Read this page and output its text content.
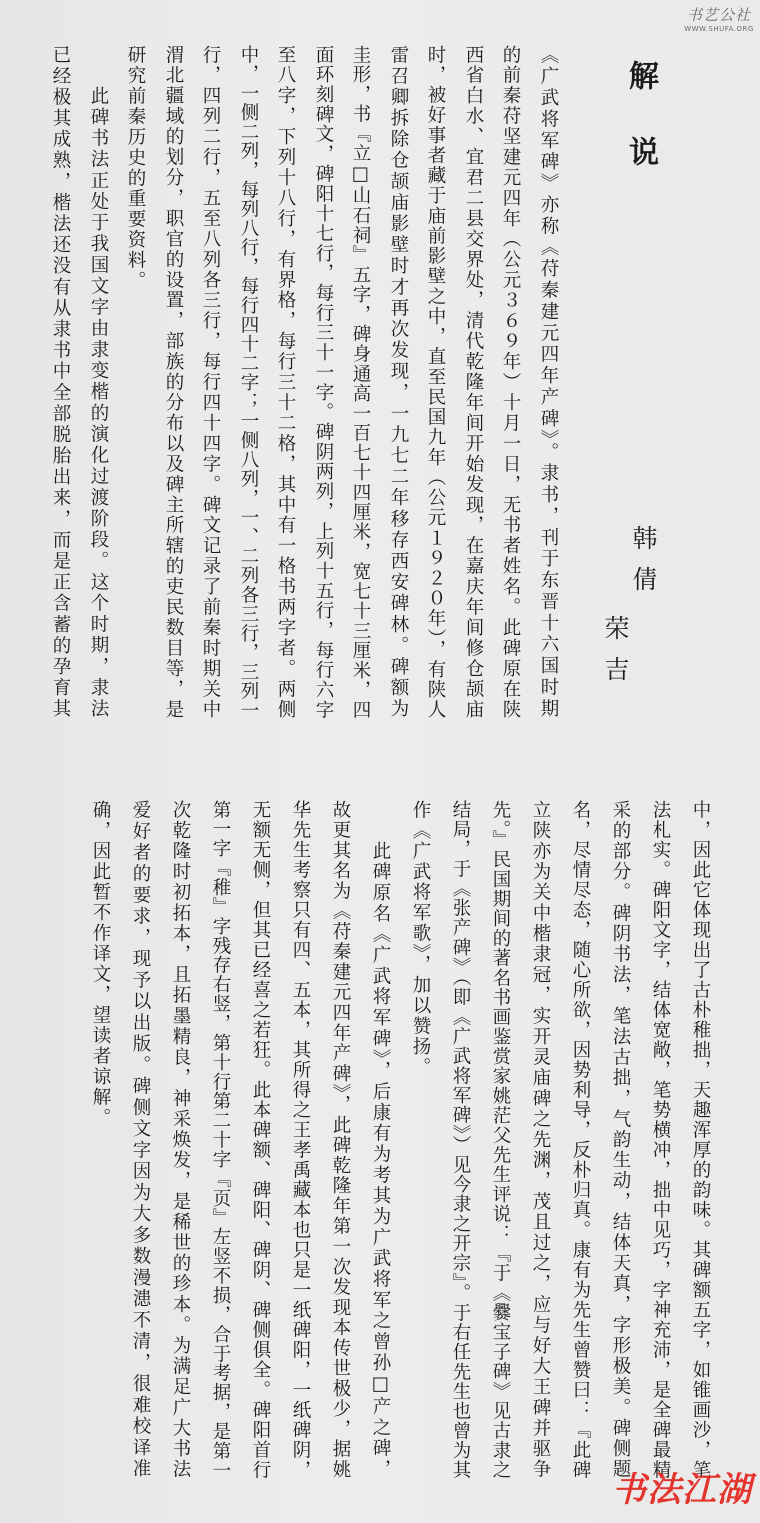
书艺公社
WWW.SHUFA.ORG
解说
韩倩
荣吉
《广武将军碑》亦称《苻秦建元四年产碑》。隶书，刊于东晋十六国时期
的前秦苻坚建元四年（公元３６９年）十月一日，无书者姓名。此碑原在陕
西省白水、宜君二县交界处，清代乾隆年间开始发现，在嘉庆年间修仓颉庙
时，被好事者藏于庙前影壁之中，直至民国九年（公元１９２０年），有陕人
雷召卿拆除仓颉庙影壁时才再次发现，一九七二年移存西安碑林。碑额为
圭形，书『立□山石祠』五字，碑身通高一百七十四厘米，宽七十三厘米，四
面环刻碑文，碑阳十七行，每行三十一字。碑阴两列，上列十五行，每行六字
至八字，下列十八行，有界格，每行三十二格，其中有一格书两字者。两侧
中，一侧二列，每列八行，每行四十二字；一侧八列，一、二列各三行，三列一
行，四列二行，五至八列各三行，每行四十四字。碑文记录了前秦时期关中
渭北疆域的划分，职官的设置，部族的分布以及碑主所辖的吏民数目等，是
研究前秦历史的重要资料。
此碑书法正处于我国文字由隶变楷的演化过渡阶段。这个时期，隶法
已经极其成熟，楷法还没有从隶书中全部脱胎出来，而是正含蓄的孕育其
中，因此它体现出了古朴稚拙，天趣浑厚的韵味。其碑额五字，如锥画沙，笔
法札实。碑阳文字，结体宽敞，笔势横冲，拙中见巧，字神充沛，是全碑最精
采的部分。碑阴书法，笔法古拙，气韵生动，结体天真，字形极美。碑侧题
名，尽情尽态，随心所欲，因势利导，反朴归真。康有为先生曾赞曰：『此碑
立陕亦为关中楷隶冠，实开灵庙碑之先渊，茂且过之，应与好大王碑并驱争
先。』民国期间的著名书画鉴赏家姚茫父先生评说：『于《爨宝子碑》见古隶之
结局，于《张产碑》（即《广武将军碑》）见今隶之开宗』。于右任先生也曾为其
作《广武将军歌》，加以赞扬。
此碑原名《广武将军碑》，后康有为考其为广武将军之曾孙□产之碑，
故更其名为《苻秦建元四年产碑》，此碑乾隆年第一次发现本传世极少，据姚
华先生考察只有四、五本，其所得之王孝禹藏本也只是一纸碑阳，一纸碑阴，
无额无侧，但其已经喜之若狂。此本碑额、碑阳、碑阴、碑侧俱全。碑阳首行
第一字『稚』字残存右竖，第十行第二十字『页』左竖不损，合于考据，是第一
次乾隆时初拓本，且拓墨精良，神采焕发，是稀世的珍本。为满足广大书法
爱好者的要求，现予以出版。碑侧文字因为大多数漫漶不清，很难校译准
确，因此暂不作译文，望读者谅解。
书法江湖
